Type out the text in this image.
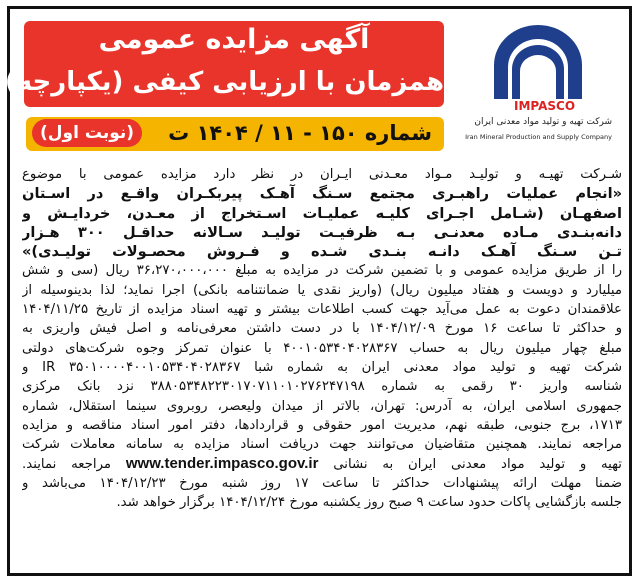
آگهی مزایده عمومی
همزمان با ارزیابی کیفی (یکپارچه)
شماره ۱۵۰ - ۱۱ / ۱۴۰۴ ت
(نوبت اول)
IMPASCO
شرکت تهیه و تولید مواد معدنی ایران
Iran Mineral Production and Supply Company
شـرکت تهیـه و تولیـد مـواد معـدنی ایـران در نظر دارد مزایده عمومی با موضوع
«انجام عملیات راهبـری مجتمع سـنگ آهـک پیربکـران واقـع در اسـتان
اصفهـان (شـامل اجـرای کلیـه عملیـات اسـتخراج از معـدن، خردایـش و
دانه‌بنـدی مـاده معدنـی بـه ظرفیـت تولیـد سـالانه حداقـل ۳۰۰ هـزار
تـن سـنگ آهـک دانـه بنـدی شـده و فـروش محصـولات تولیـدی)»
را از طریق مزایده عمومی و با تضمین شرکت در مزایده به مبلغ ۳۶،۲۷۰،۰۰۰،۰۰۰ ریال (سی و شش
میلیارد و دویست و هفتاد میلیون ریال) (واریز نقدی یا ضمانتنامه بانکی) اجرا نماید؛ لذا بدینوسیله از
علاقمندان دعوت به عمل می‌آید جهت کسب اطلاعات بیشتر و تهیه اسناد مزایده از تاریخ ۱۴۰۴/۱۱/۲۵
و حداکثر تا ساعت ۱۶ مورخ ۱۴۰۴/۱۲/۰۹ با در دست داشتن معرفی‌نامه و اصل فیش واریزی به
مبلغ چهار میلیون ریال به حساب ۴۰۰۱۰۵۳۴۰۴۰۲۸۳۶۷ با عنوان تمرکز وجوه شرکت‌های دولتی
شرکت تهیه و تولید مواد معدنی ایران به شماره شبا IR ۳۵۰۱۰۰۰۰۴۰۰۱۰۵۳۴۰۴۰۲۸۳۶۷ و
شناسه واریز ۳۰ رقمی به شماره ۳۸۸۰۵۳۴۸۲۲۳۰۱۷۰۷۱۱۰۱۰۲۷۶۲۴۷۱۹۸ نزد بانک مرکزی
جمهوری اسلامی ایران، به آدرس: تهران، بالاتر از میدان ولیعصر، روبروی سینما استقلال، شماره
۱۷۱۳، برج جنوبی، طبقه نهم، مدیریت امور حقوقی و قراردادها، دفتر امور اسناد مناقصه و مزایده
مراجعه نمایند. همچنین متقاضیان می‌توانند جهت دریافت اسناد مزایده به سامانه معاملات شرکت
تهیه و تولید مواد معدنی ایران به نشانی www.tender.impasco.gov.ir مراجعه نمایند.
ضمنا مهلت ارائه پیشنهادات حداکثر تا ساعت ۱۷ روز شنبه مورخ ۱۴۰۴/۱۲/۲۳ می‌باشد و
جلسه بازگشایی پاکات حدود ساعت ۹ صبح روز یکشنبه مورخ ۱۴۰۴/۱۲/۲۴ برگزار خواهد شد.
